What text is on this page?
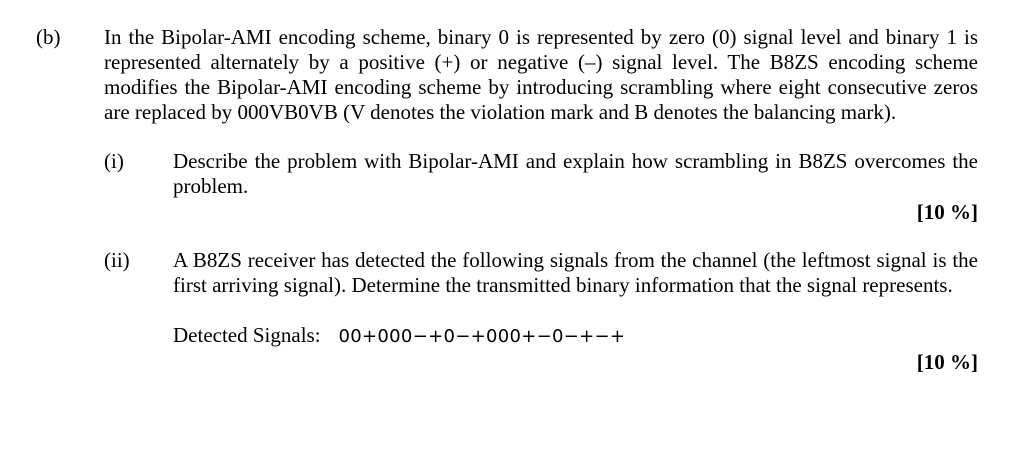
(b) In the Bipolar-AMI encoding scheme, binary 0 is represented by zero (0) signal level and binary 1 is represented alternately by a positive (+) or negative (–) signal level. The B8ZS encoding scheme modifies the Bipolar-AMI encoding scheme by introducing scrambling where eight consecutive zeros are replaced by 000VB0VB (V denotes the violation mark and B denotes the balancing mark).

(i) Describe the problem with Bipolar-AMI and explain how scrambling in B8ZS overcomes the problem.

[10 %]
(ii) A B8ZS receiver has detected the following signals from the channel (the leftmost signal is the first arriving signal). Determine the transmitted binary information that the signal represents.

Detected Signals: 00+000−+0−+000+−0−+−+
[10 %]
